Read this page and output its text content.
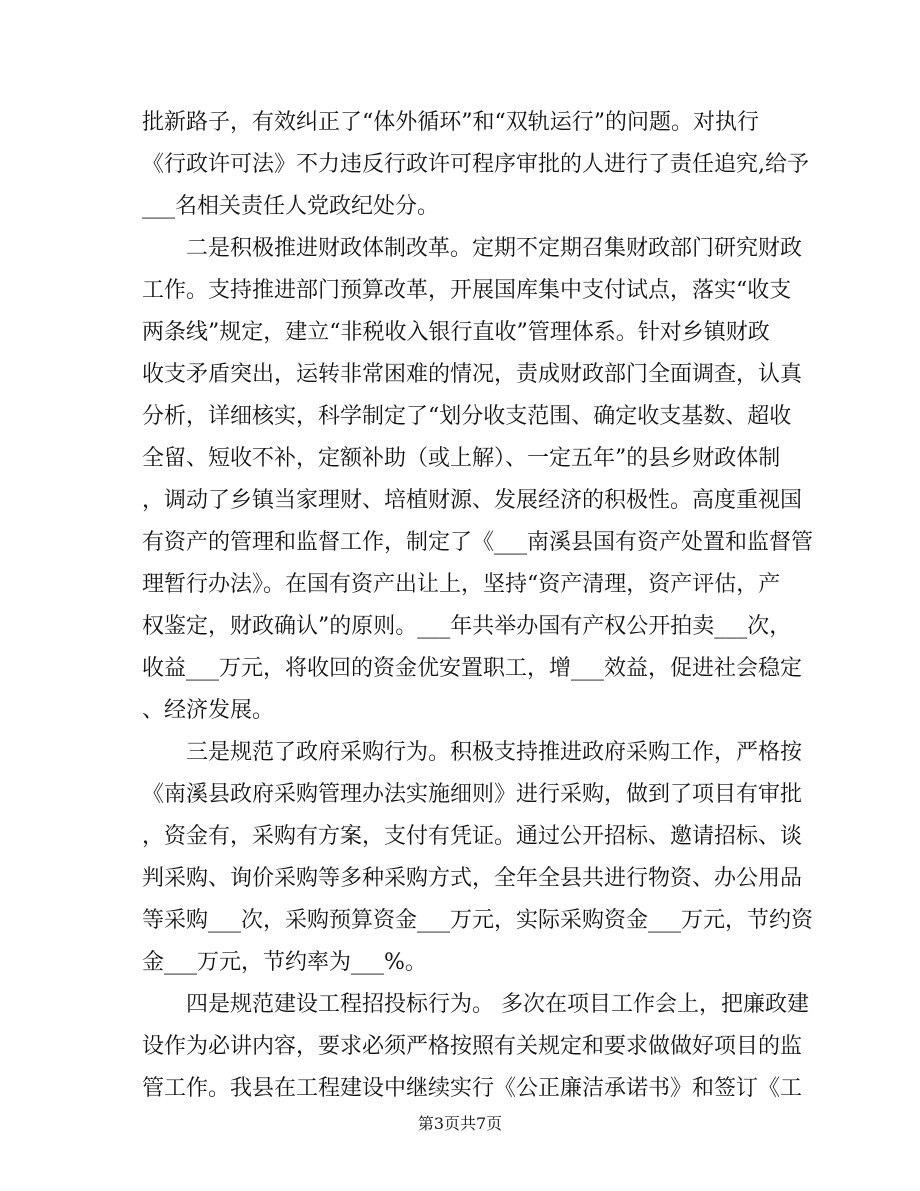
批新路子，有效纠正了“体外循环”和“双轨运行”的问题。对执行
《行政许可法》不力违反行政许可程序审批的人进行了责任追究,给予
___名相关责任人党政纪处分。
二是积极推进财政体制改革。定期不定期召集财政部门研究财政
工作。支持推进部门预算改革，开展国库集中支付试点，落实“收支
两条线”规定，建立“非税收入银行直收”管理体系。针对乡镇财政
收支矛盾突出，运转非常困难的情况，责成财政部门全面调查，认真
分析，详细核实，科学制定了“划分收支范围、确定收支基数、超收
全留、短收不补，定额补助（或上解）、一定五年”的县乡财政体制
，调动了乡镇当家理财、培植财源、发展经济的积极性。高度重视国
有资产的管理和监督工作，制定了《___南溪县国有资产处置和监督管
理暂行办法》。在国有资产出让上，坚持“资产清理，资产评估，产
权鉴定，财政确认”的原则。___年共举办国有产权公开拍卖___次，
收益___万元，将收回的资金优安置职工，增___效益，促进社会稳定
、经济发展。
三是规范了政府采购行为。积极支持推进政府采购工作，严格按
《南溪县政府采购管理办法实施细则》进行采购，做到了项目有审批
，资金有，采购有方案，支付有凭证。通过公开招标、邀请招标、谈
判采购、询价采购等多种采购方式，全年全县共进行物资、办公用品
等采购___次，采购预算资金___万元，实际采购资金___万元，节约资
金___万元，节约率为___%。
四是规范建设工程招投标行为。 多次在项目工作会上，把廉政建
设作为必讲内容，要求必须严格按照有关规定和要求做做好项目的监
管工作。我县在工程建设中继续实行《公正廉洁承诺书》和签订《工
第3页共7页
